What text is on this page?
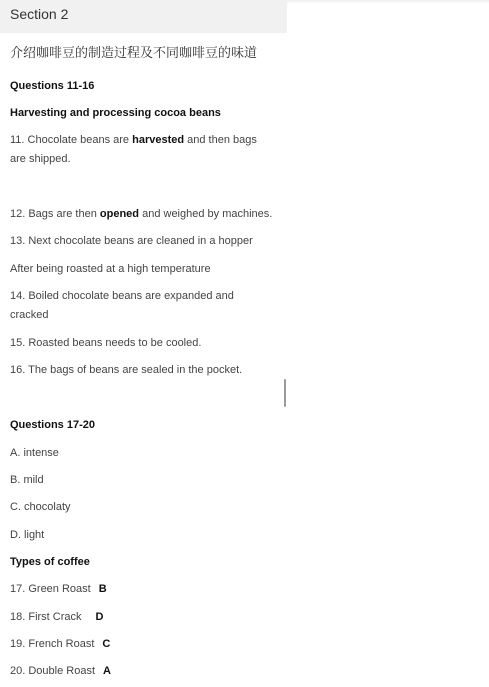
Section 2
介绍咖啡豆的制造过程及不同咖啡豆的味道
Questions 11-16
Harvesting and processing cocoa beans
11. Chocolate beans are harvested and then bags are shipped.
12. Bags are then opened and weighed by machines.
13. Next chocolate beans are cleaned in a hopper
After being roasted at a high temperature
14. Boiled chocolate beans are expanded and cracked
15. Roasted beans needs to be cooled.
16. The bags of beans are sealed in the pocket.
Questions 17-20
A. intense
B. mild
C. chocolaty
D. light
Types of coffee
17. Green Roast B
18. First Crack D
19. French Roast C
20. Double Roast A
